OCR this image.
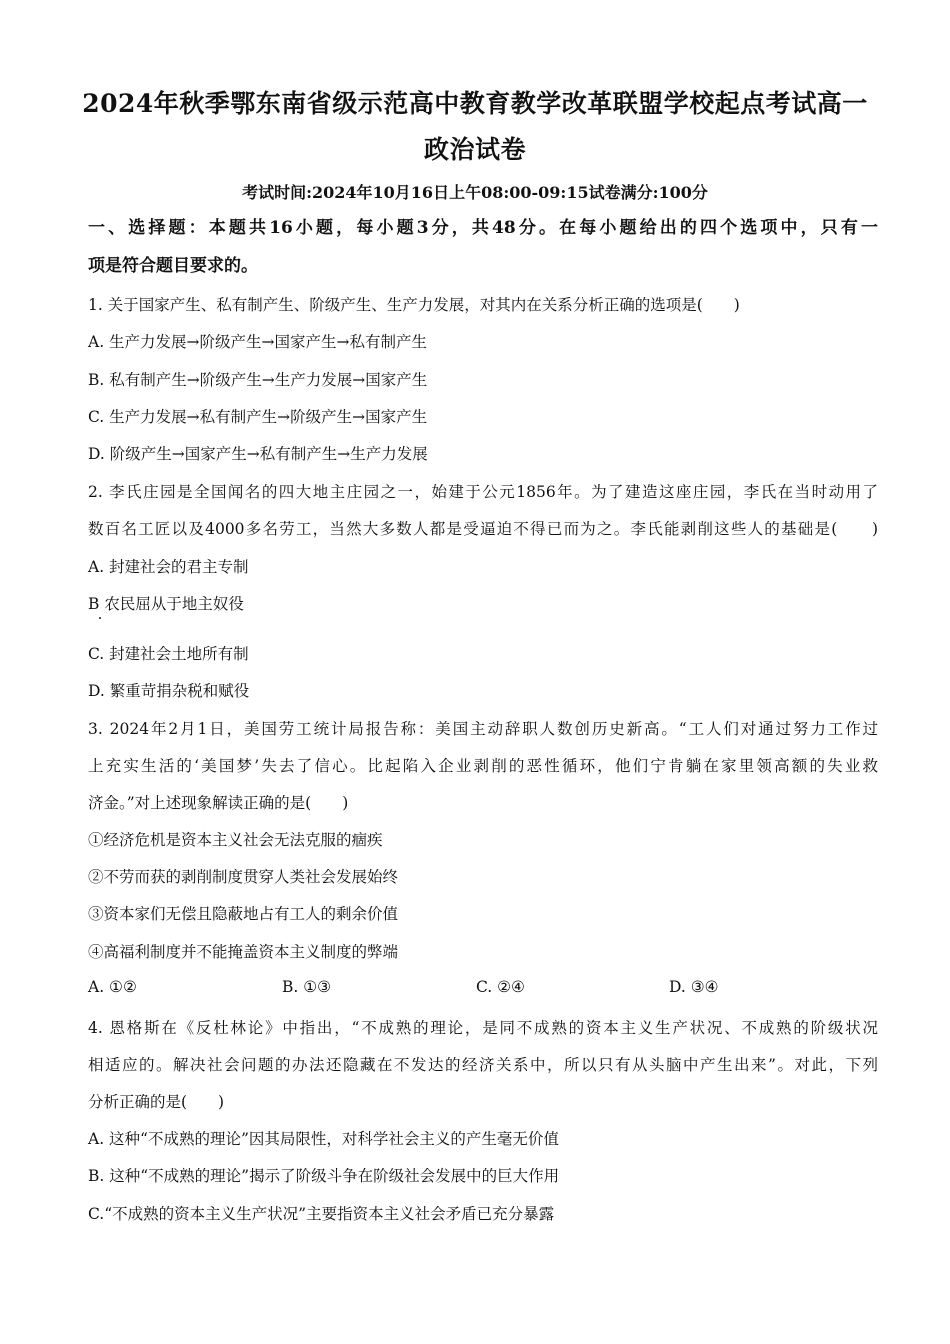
2024年秋季鄂东南省级示范高中教育教学改革联盟学校起点考试高一
政治试卷
考试时间:2024年10月16日上午08:00-09:15试卷满分:100分
一、选择题：本题共16小题，每小题3分，共48分。在每小题给出的四个选项中，只有一
项是符合题目要求的。
1. 关于国家产生、私有制产生、阶级产生、生产力发展，对其内在关系分析正确的选项是(　　)
A. 生产力发展→阶级产生→国家产生→私有制产生
B. 私有制产生→阶级产生→生产力发展→国家产生
C. 生产力发展→私有制产生→阶级产生→国家产生
D. 阶级产生→国家产生→私有制产生→生产力发展
2. 李氏庄园是全国闻名的四大地主庄园之一，始建于公元1856年。为了建造这座庄园，李氏在当时动用了
数百名工匠以及4000多名劳工，当然大多数人都是受逼迫不得已而为之。李氏能剥削这些人的基础是(　　)
A. 封建社会的君主专制
B 农民屈从于地主奴役
C. 封建社会土地所有制
D. 繁重苛捐杂税和赋役
3. 2024年2月1日，美国劳工统计局报告称：美国主动辞职人数创历史新高。“工人们对通过努力工作过
上充实生活的‘美国梦’失去了信心。比起陷入企业剥削的恶性循环，他们宁肯躺在家里领高额的失业救
济金。”对上述现象解读正确的是(　　)
①经济危机是资本主义社会无法克服的痼疾
②不劳而获的剥削制度贯穿人类社会发展始终
③资本家们无偿且隐蔽地占有工人的剩余价值
④高福利制度并不能掩盖资本主义制度的弊端
A. ①②	B. ①③	C. ②④	D. ③④
4. 恩格斯在《反杜林论》中指出，“不成熟的理论，是同不成熟的资本主义生产状况、不成熟的阶级状况
相适应的。解决社会问题的办法还隐藏在不发达的经济关系中，所以只有从头脑中产生出来”。对此，下列
分析正确的是(　　)
A. 这种“不成熟的理论”因其局限性，对科学社会主义的产生毫无价值
B. 这种“不成熟的理论”揭示了阶级斗争在阶级社会发展中的巨大作用
C.“不成熟的资本主义生产状况”主要指资本主义社会矛盾已充分暴露
